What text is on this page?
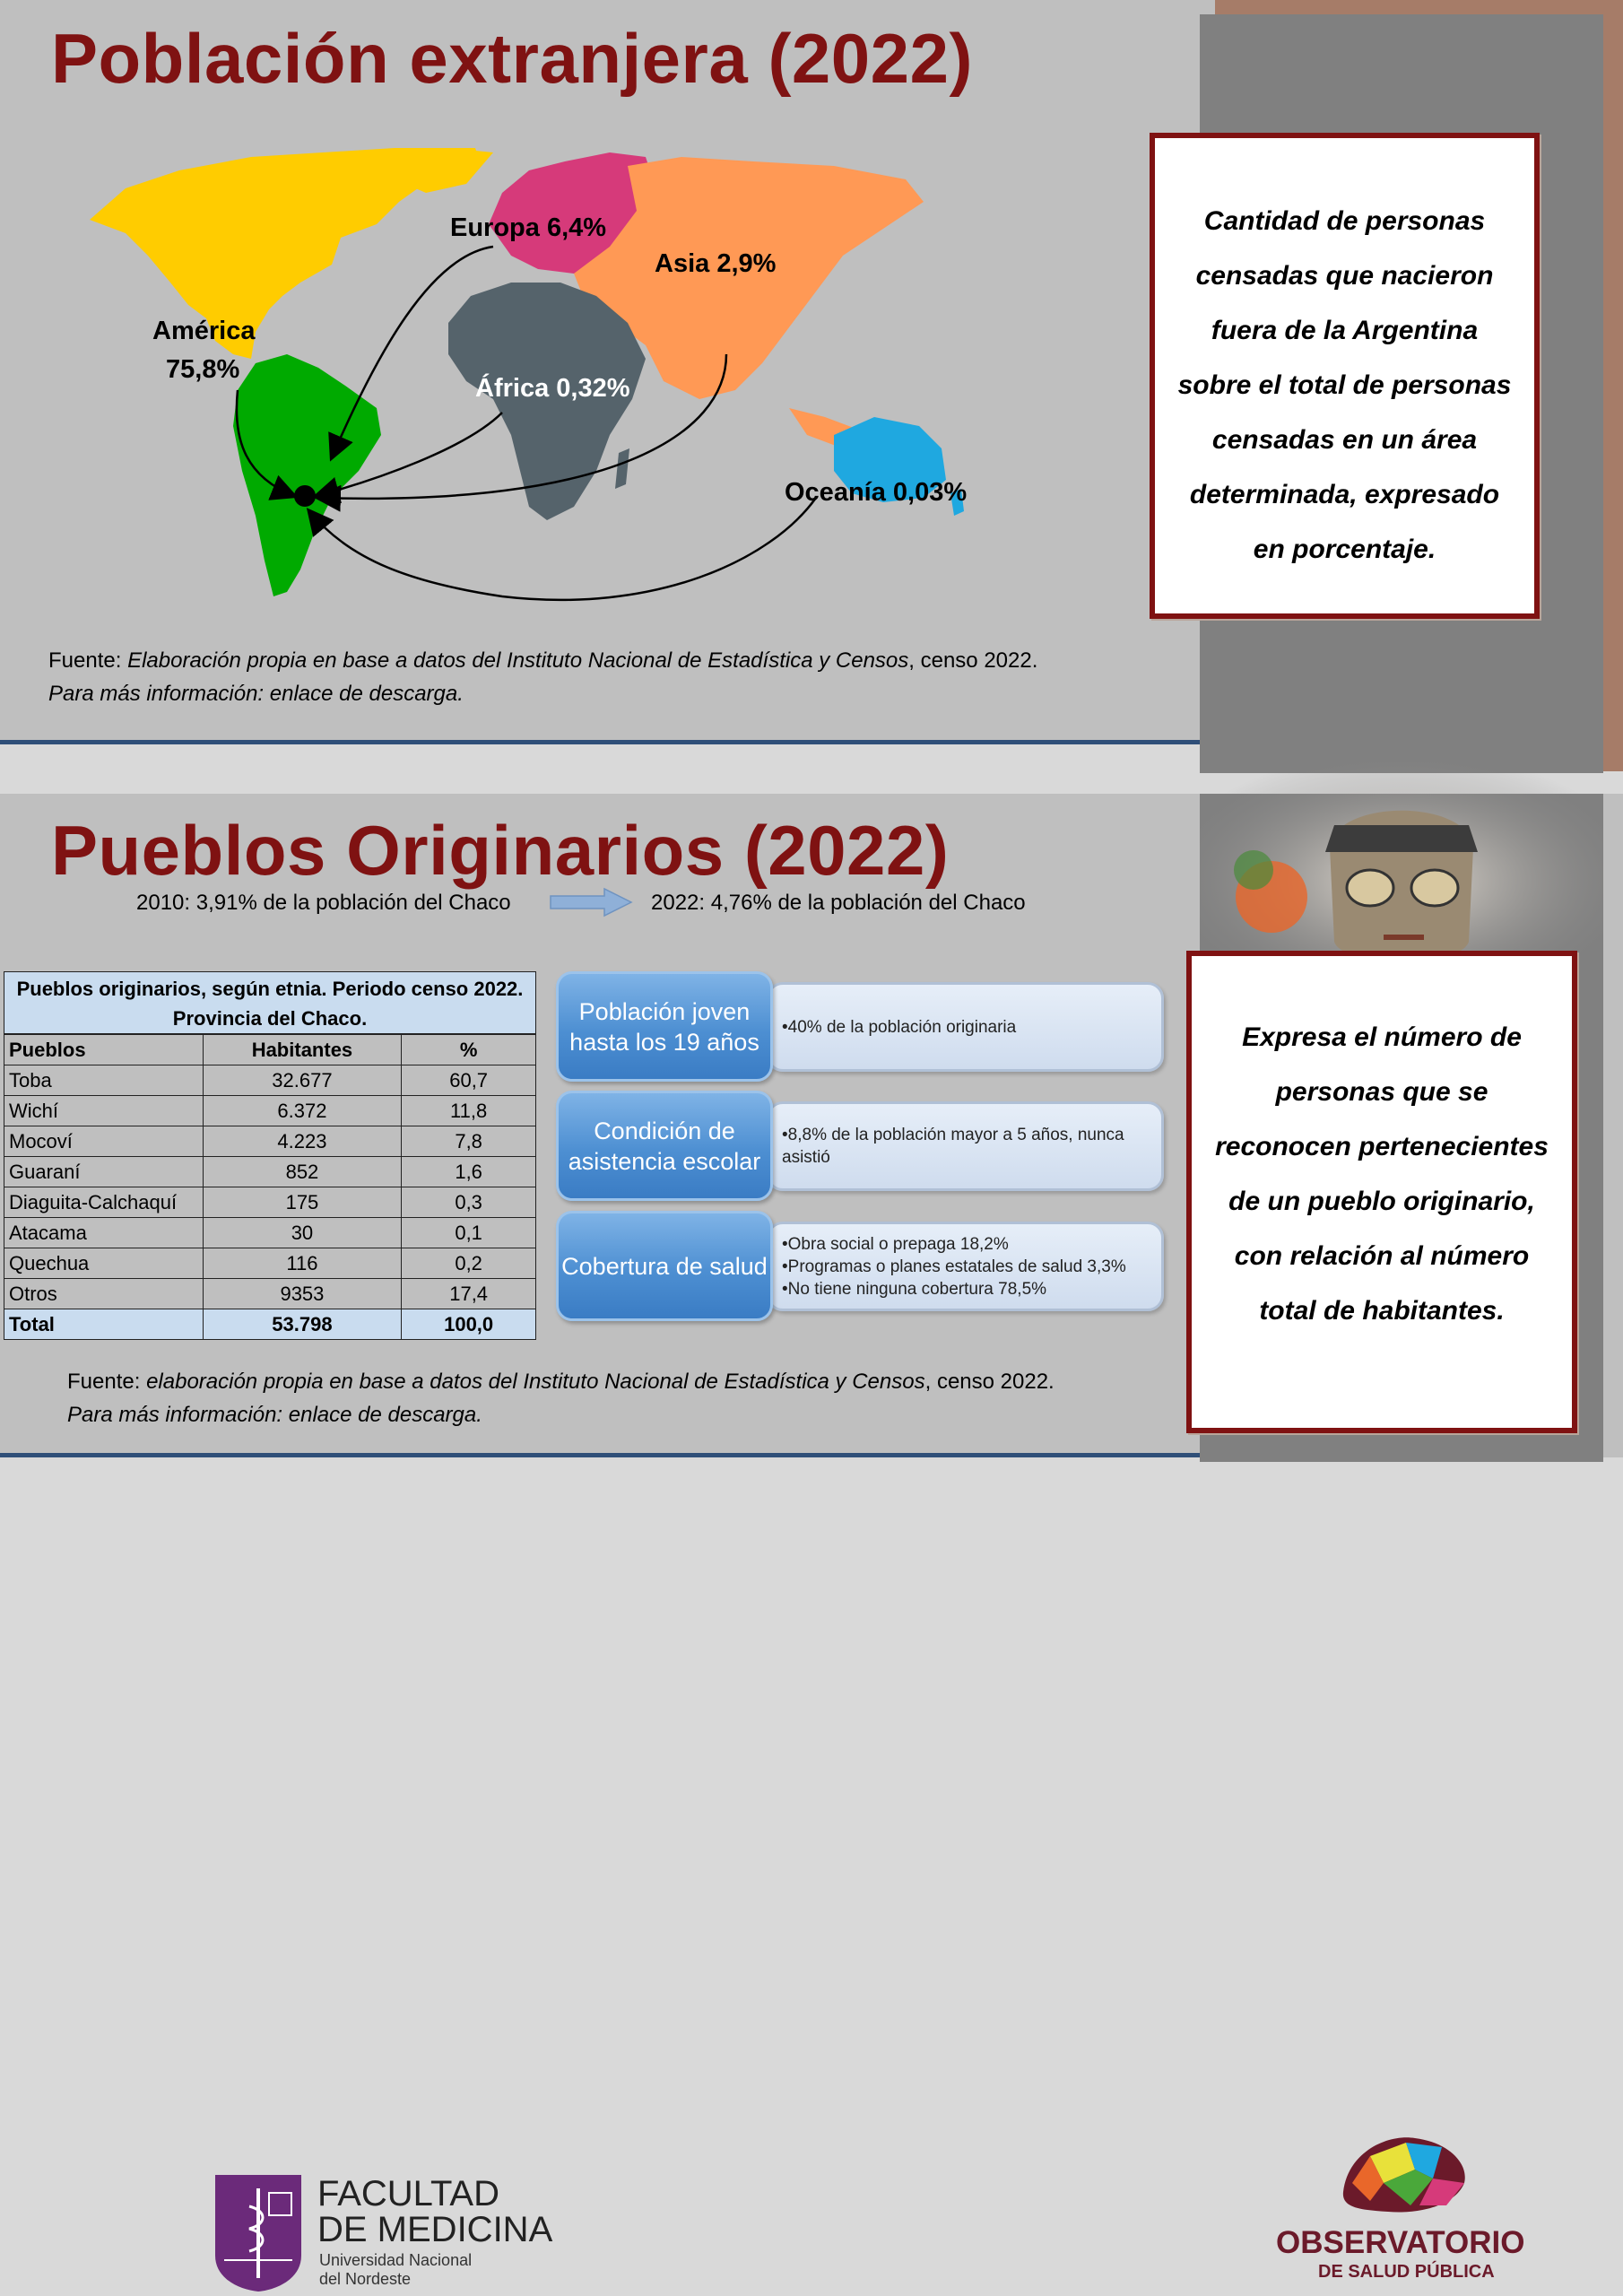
Población extranjera (2022)
Europa 6,4%
Asia 2,9%
América
75,8%
África 0,32%
Oceanía 0,03%
Cantidad de personas censadas que nacieron fuera de la Argentina sobre el total de personas censadas en un área determinada, expresado en porcentaje.
Fuente: Elaboración propia en base a datos del Instituto Nacional de Estadística y Censos, censo 2022.
Para más información: enlace de descarga.
Pueblos Originarios (2022)
2010: 3,91% de la población del Chaco	2022: 4,76% de la población del Chaco
Pueblos originarios, según etnia. Periodo censo 2022.
Provincia del Chaco.
Pueblos	Habitantes	%
Toba	32.677	60,7
Wichí	6.372	11,8
Mocoví	4.223	7,8
Guaraní	852	1,6
Diaguita-Calchaquí	175	0,3
Atacama	30	0,1
Quechua	116	0,2
Otros	9353	17,4
Total	53.798	100,0
• 40% de la población originaria
Población joven hasta los 19 años
• 8,8% de la población mayor a 5 años, nunca asistió
Condición de asistencia escolar
• Obra social o prepaga 18,2%
• Programas o planes estatales de salud 3,3%
• No tiene ninguna cobertura 78,5%
Cobertura de salud
Expresa el número de personas que se reconocen pertenecientes de un pueblo originario, con relación al número total de habitantes.
Fuente: elaboración propia en base a datos del Instituto Nacional de Estadística y Censos, censo 2022.
Para más información: enlace de descarga.
FACULTAD
DE MEDICINA
Universidad Nacional
del Nordeste
OBSERVATORIO
DE SALUD PÚBLICA
